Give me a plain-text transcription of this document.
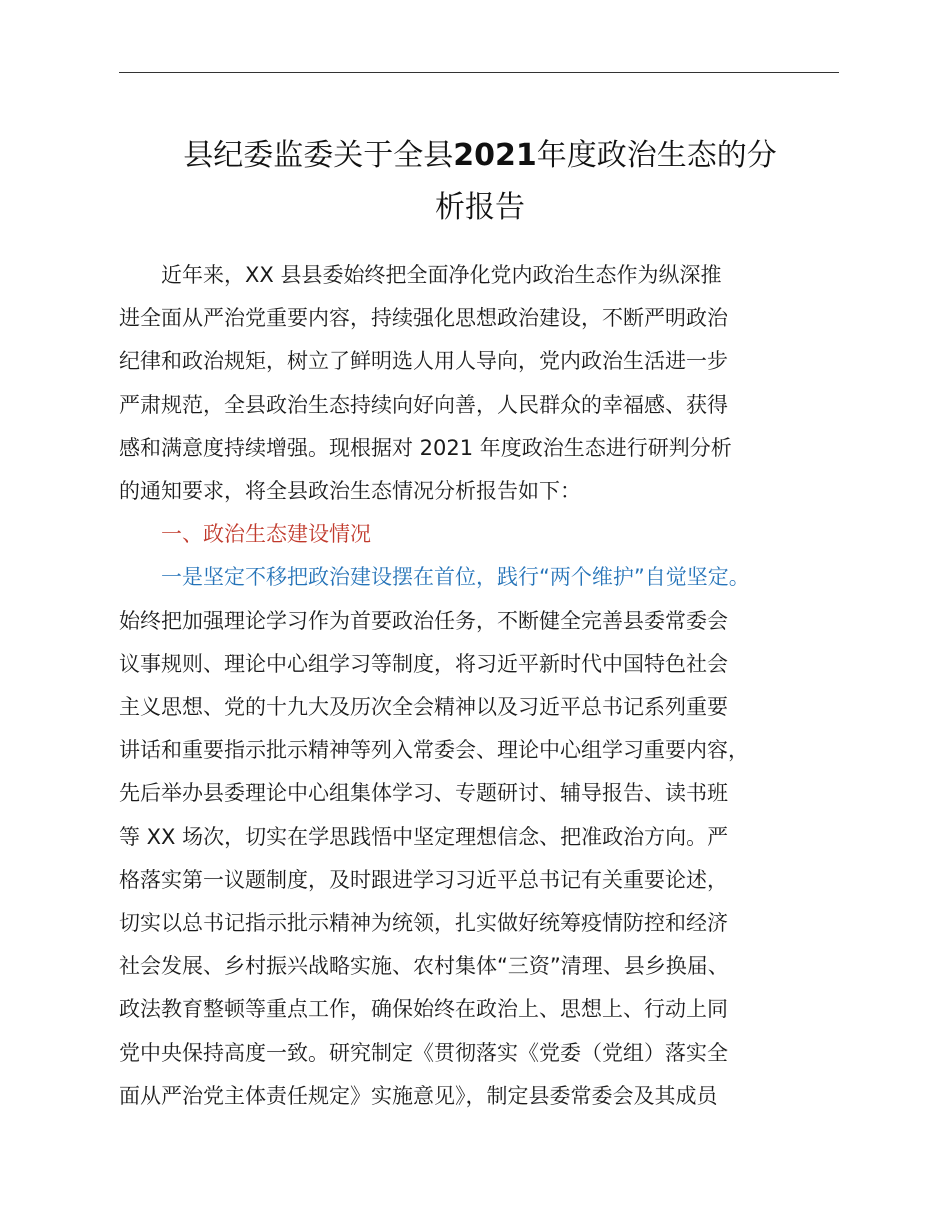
县纪委监委关于全县2021年度政治生态的分
析报告
近年来，XX 县县委始终把全面净化党内政治生态作为纵深推
进全面从严治党重要内容，持续强化思想政治建设，不断严明政治
纪律和政治规矩，树立了鲜明选人用人导向，党内政治生活进一步
严肃规范，全县政治生态持续向好向善，人民群众的幸福感、获得
感和满意度持续增强。现根据对 2021 年度政治生态进行研判分析
的通知要求，将全县政治生态情况分析报告如下：
一、政治生态建设情况
一是坚定不移把政治建设摆在首位，践行“两个维护”自觉坚定。
始终把加强理论学习作为首要政治任务，不断健全完善县委常委会
议事规则、理论中心组学习等制度，将习近平新时代中国特色社会
主义思想、党的十九大及历次全会精神以及习近平总书记系列重要
讲话和重要指示批示精神等列入常委会、理论中心组学习重要内容，
先后举办县委理论中心组集体学习、专题研讨、辅导报告、读书班
等 XX 场次，切实在学思践悟中坚定理想信念、把准政治方向。严
格落实第一议题制度，及时跟进学习习近平总书记有关重要论述，
切实以总书记指示批示精神为统领，扎实做好统筹疫情防控和经济
社会发展、乡村振兴战略实施、农村集体“三资”清理、县乡换届、
政法教育整顿等重点工作，确保始终在政治上、思想上、行动上同
党中央保持高度一致。研究制定《贯彻落实《党委（党组）落实全
面从严治党主体责任规定》实施意见》，制定县委常委会及其成员
